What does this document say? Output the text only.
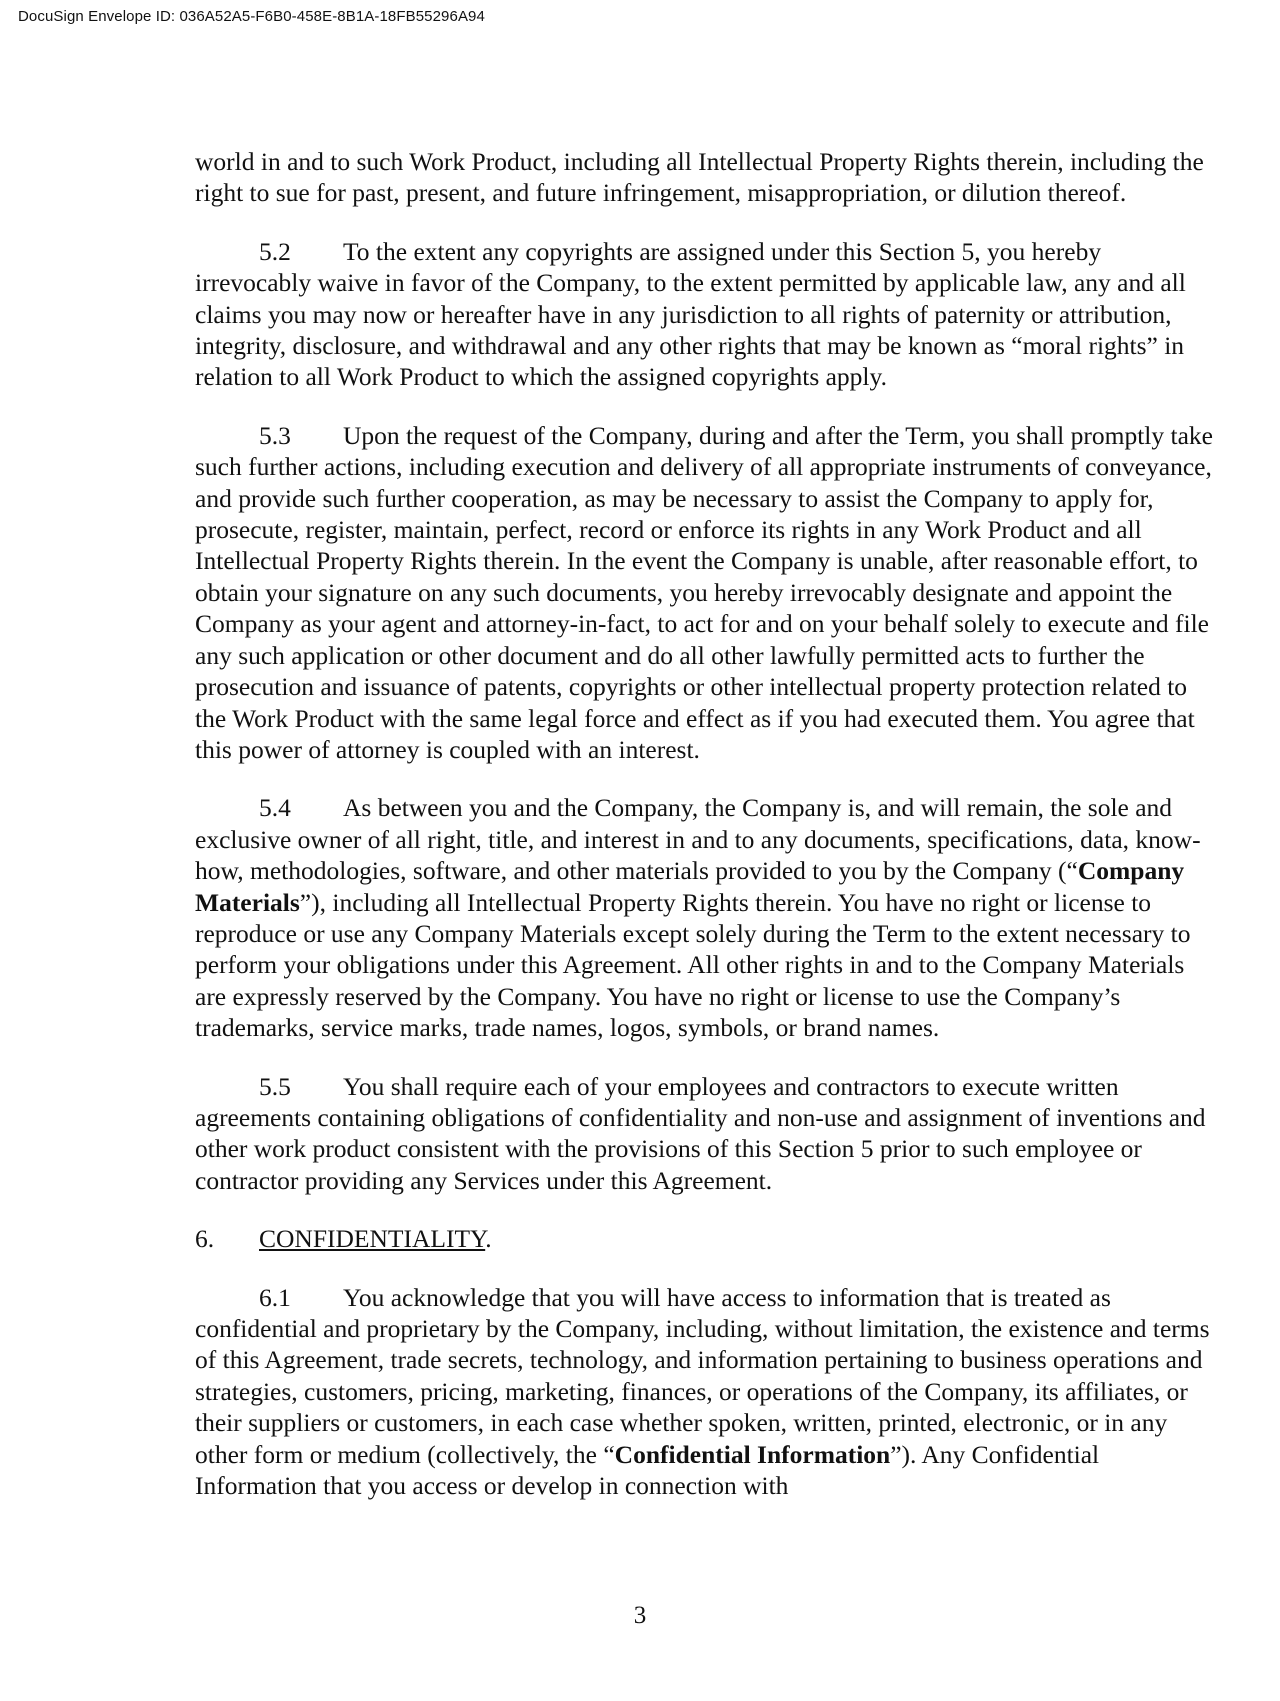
DocuSign Envelope ID: 036A52A5-F6B0-458E-8B1A-18FB55296A94

world in and to such Work Product, including all Intellectual Property Rights therein, including the right to sue for past, present, and future infringement, misappropriation, or dilution thereof.

5.2 To the extent any copyrights are assigned under this Section 5, you hereby irrevocably waive in favor of the Company, to the extent permitted by applicable law, any and all claims you may now or hereafter have in any jurisdiction to all rights of paternity or attribution, integrity, disclosure, and withdrawal and any other rights that may be known as “moral rights” in relation to all Work Product to which the assigned copyrights apply.

5.3 Upon the request of the Company, during and after the Term, you shall promptly take such further actions, including execution and delivery of all appropriate instruments of conveyance, and provide such further cooperation, as may be necessary to assist the Company to apply for, prosecute, register, maintain, perfect, record or enforce its rights in any Work Product and all Intellectual Property Rights therein. In the event the Company is unable, after reasonable effort, to obtain your signature on any such documents, you hereby irrevocably designate and appoint the Company as your agent and attorney-in-fact, to act for and on your behalf solely to execute and file any such application or other document and do all other lawfully permitted acts to further the prosecution and issuance of patents, copyrights or other intellectual property protection related to the Work Product with the same legal force and effect as if you had executed them. You agree that this power of attorney is coupled with an interest.

5.4 As between you and the Company, the Company is, and will remain, the sole and exclusive owner of all right, title, and interest in and to any documents, specifications, data, know-how, methodologies, software, and other materials provided to you by the Company (“Company Materials”), including all Intellectual Property Rights therein. You have no right or license to reproduce or use any Company Materials except solely during the Term to the extent necessary to perform your obligations under this Agreement. All other rights in and to the Company Materials are expressly reserved by the Company. You have no right or license to use the Company’s trademarks, service marks, trade names, logos, symbols, or brand names.

5.5 You shall require each of your employees and contractors to execute written agreements containing obligations of confidentiality and non-use and assignment of inventions and other work product consistent with the provisions of this Section 5 prior to such employee or contractor providing any Services under this Agreement.

6. CONFIDENTIALITY.

6.1 You acknowledge that you will have access to information that is treated as confidential and proprietary by the Company, including, without limitation, the existence and terms of this Agreement, trade secrets, technology, and information pertaining to business operations and strategies, customers, pricing, marketing, finances, or operations of the Company, its affiliates, or their suppliers or customers, in each case whether spoken, written, printed, electronic, or in any other form or medium (collectively, the “Confidential Information”). Any Confidential Information that you access or develop in connection with

3
